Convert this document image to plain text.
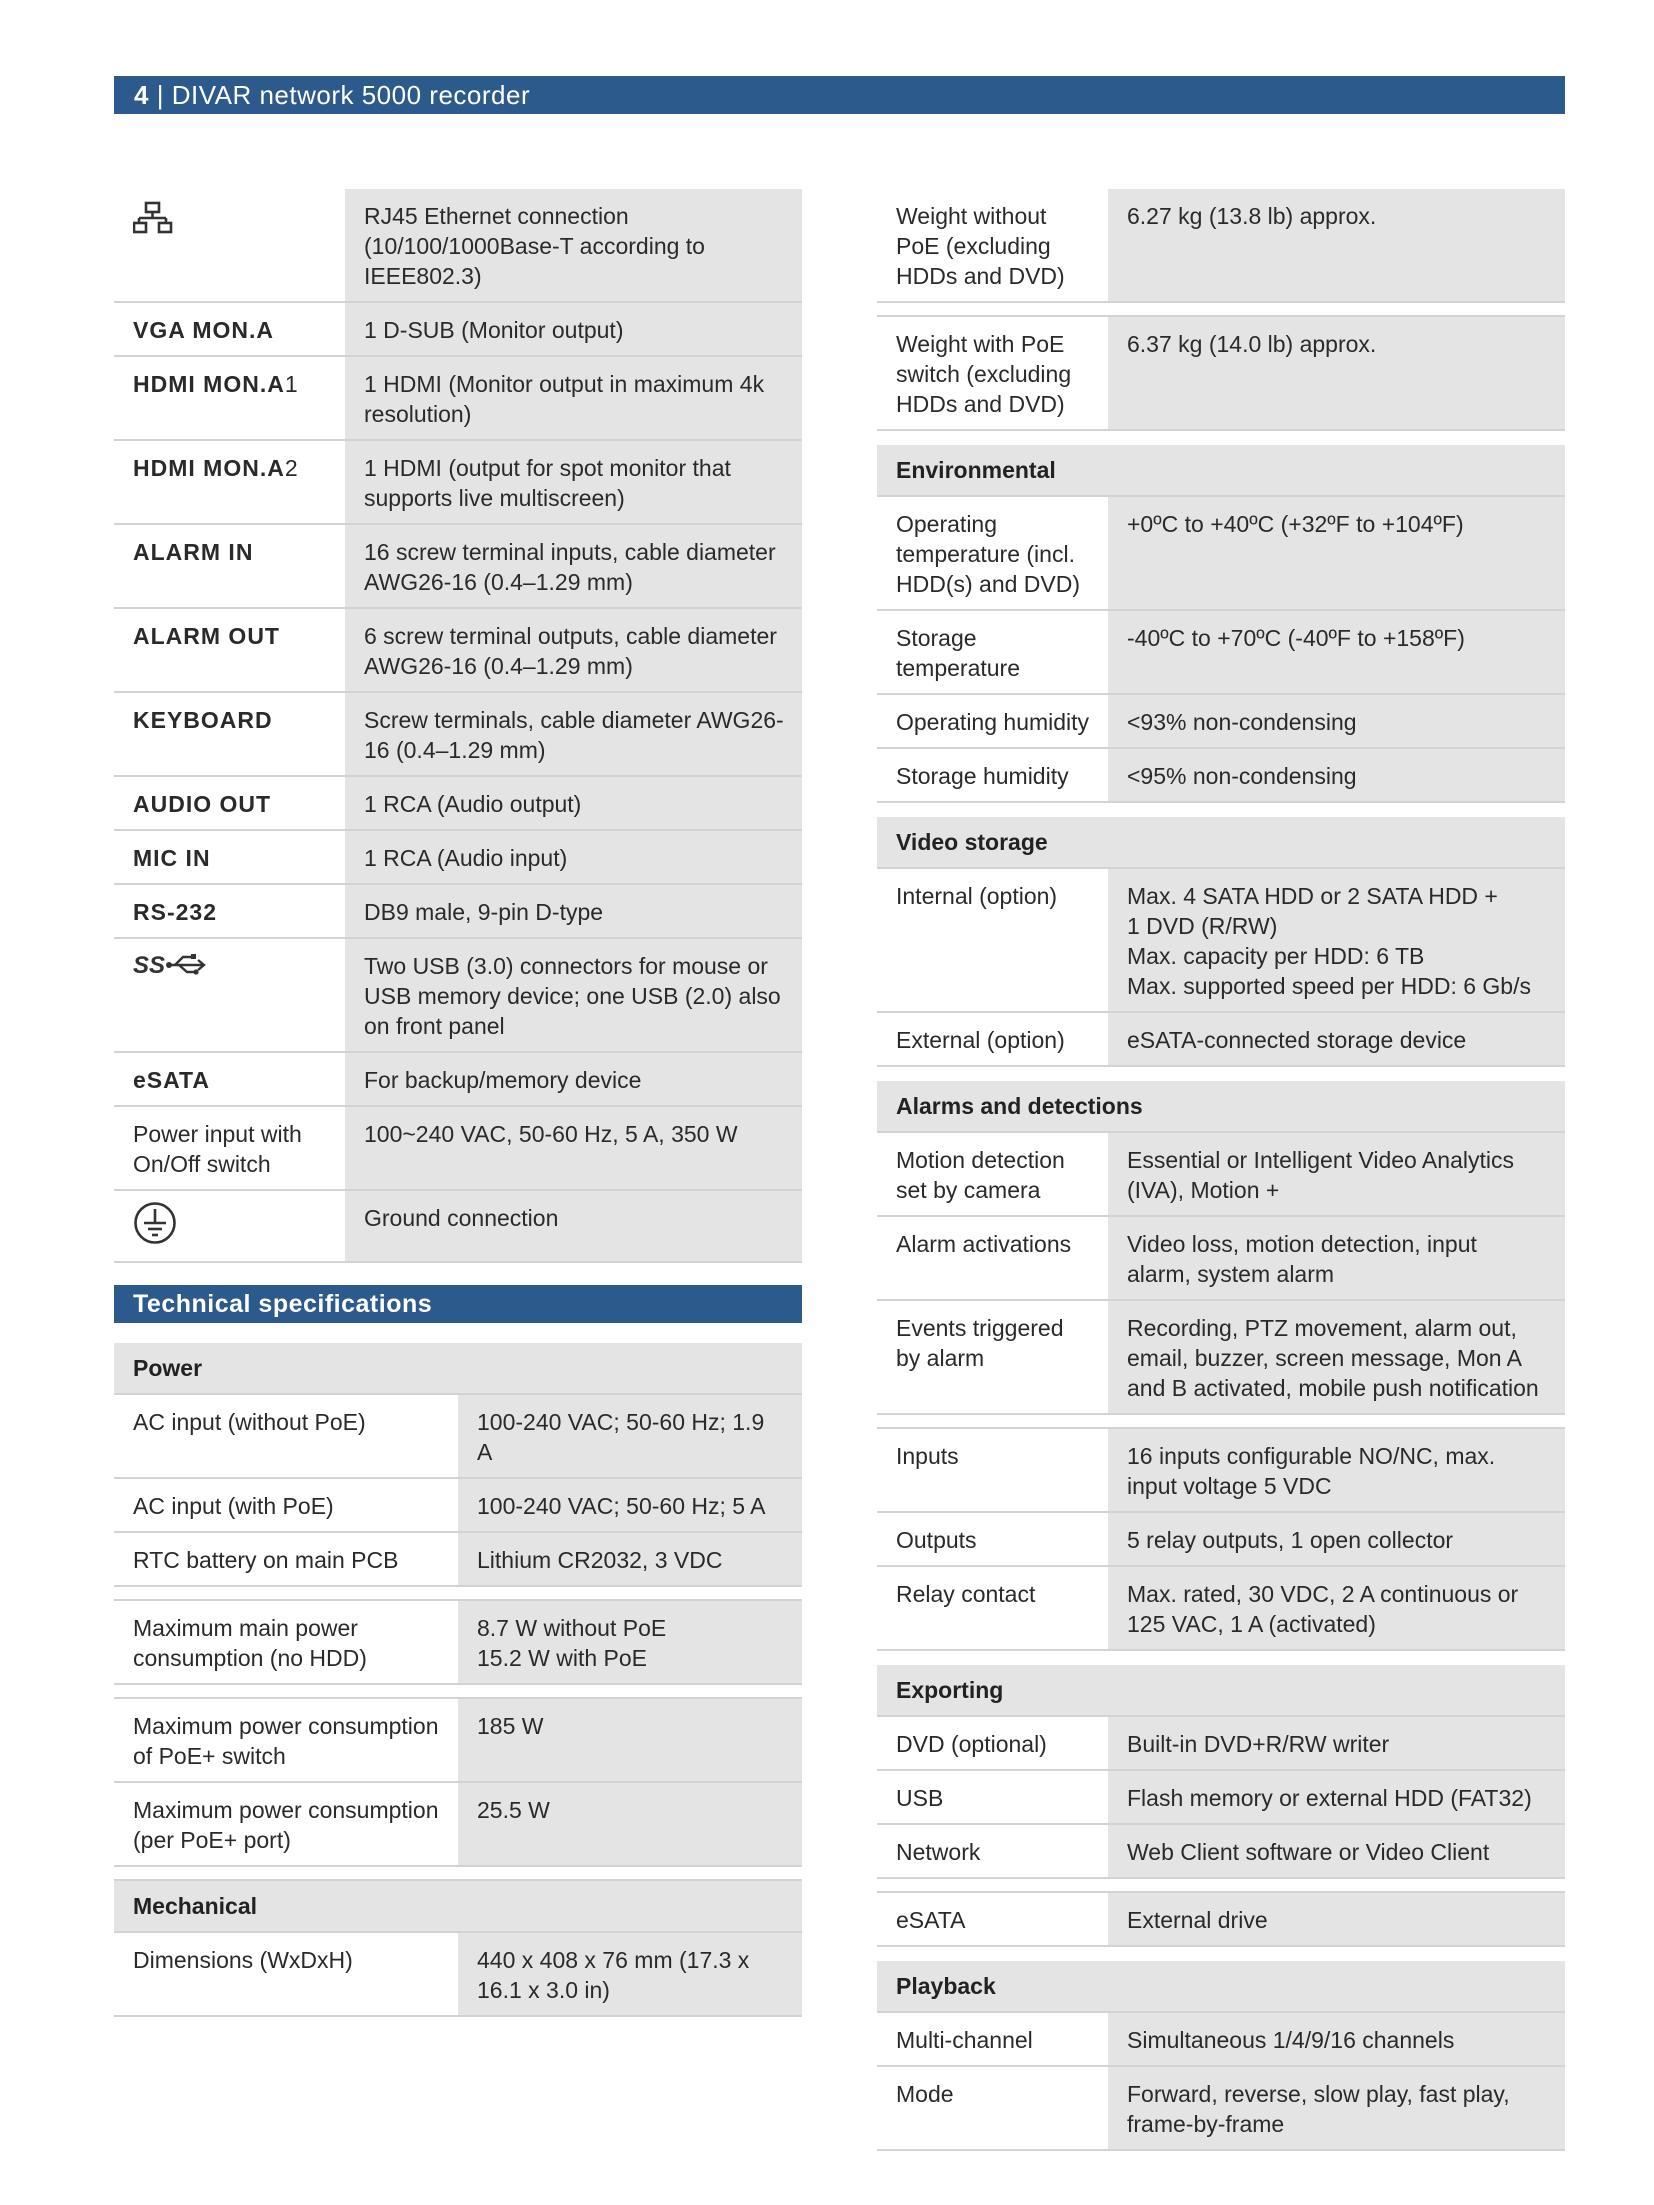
4 | DIVAR network 5000 recorder
	RJ45 Ethernet connection (10/100/1000Base-T according to IEEE802.3)
VGA MON.A	1 D-SUB (Monitor output)
HDMI MON.A1	1 HDMI (Monitor output in maximum 4k resolution)
HDMI MON.A2	1 HDMI (output for spot monitor that supports live multiscreen)
ALARM IN	16 screw terminal inputs, cable diameter AWG26-16 (0.4–1.29 mm)
ALARM OUT	6 screw terminal outputs, cable diameter AWG26-16 (0.4–1.29 mm)
KEYBOARD	Screw terminals, cable diameter AWG26-16 (0.4–1.29 mm)
AUDIO OUT	1 RCA (Audio output)
MIC IN	1 RCA (Audio input)
RS-232	DB9 male, 9-pin D-type

SS	Two USB (3.0) connectors for mouse or USB memory device; one USB (2.0) also on front panel
eSATA	For backup/memory device
Power input with On/Off switch	100~240 VAC, 50-60 Hz, 5 A, 350 W

	Ground connection
Technical specifications
Power	
AC input (without PoE)	100-240 VAC; 50-60 Hz; 1.9 A
AC input (with PoE)	100-240 VAC; 50-60 Hz; 5 A
RTC battery on main PCB	Lithium CR2032, 3 VDC

Maximum main power consumption (no HDD)	8.7 W without PoE
15.2 W with PoE

Maximum power consumption of PoE+ switch	185 W

Maximum power consumption
(per PoE+ port)	25.5 W

Mechanical	
Dimensions (WxDxH)	440 x 408 x 76 mm (17.3 x 16.1 x 3.0 in)
Weight without PoE (excluding HDDs and DVD)	6.27 kg (13.8 lb) approx.

Weight with PoE switch (excluding HDDs and DVD)	6.37 kg (14.0 lb) approx.

Environmental	
Operating temperature (incl. HDD(s) and DVD)	+0ºC to +40ºC (+32ºF to +104ºF)
Storage temperature	-40ºC to +70ºC (-40ºF to +158ºF)
Operating humidity	<93% non-condensing
Storage humidity	<95% non-condensing

Video storage	
Internal (option)	Max. 4 SATA HDD or 2 SATA HDD +
1 DVD (R/RW)
Max. capacity per HDD: 6 TB
Max. supported speed per HDD: 6 Gb/s

External (option)	eSATA-connected storage device

Alarms and detections	
Motion detection set by camera	Essential or Intelligent Video Analytics (IVA), Motion +
Alarm activations	Video loss, motion detection, input alarm, system alarm
Events triggered by alarm	Recording, PTZ movement, alarm out, email, buzzer, screen message, Mon A and B activated, mobile push notification

Inputs	16 inputs configurable NO/NC, max. input voltage 5 VDC
Outputs	5 relay outputs, 1 open collector
Relay contact	Max. rated, 30 VDC, 2 A continuous or
125 VAC, 1 A (activated)

Exporting	
DVD (optional)	Built-in DVD+R/RW writer
USB	Flash memory or external HDD (FAT32)
Network	Web Client software or Video Client

eSATA	External drive

Playback	
Multi-channel	Simultaneous 1/4/9/16 channels
Mode	Forward, reverse, slow play, fast play, frame-by-frame
